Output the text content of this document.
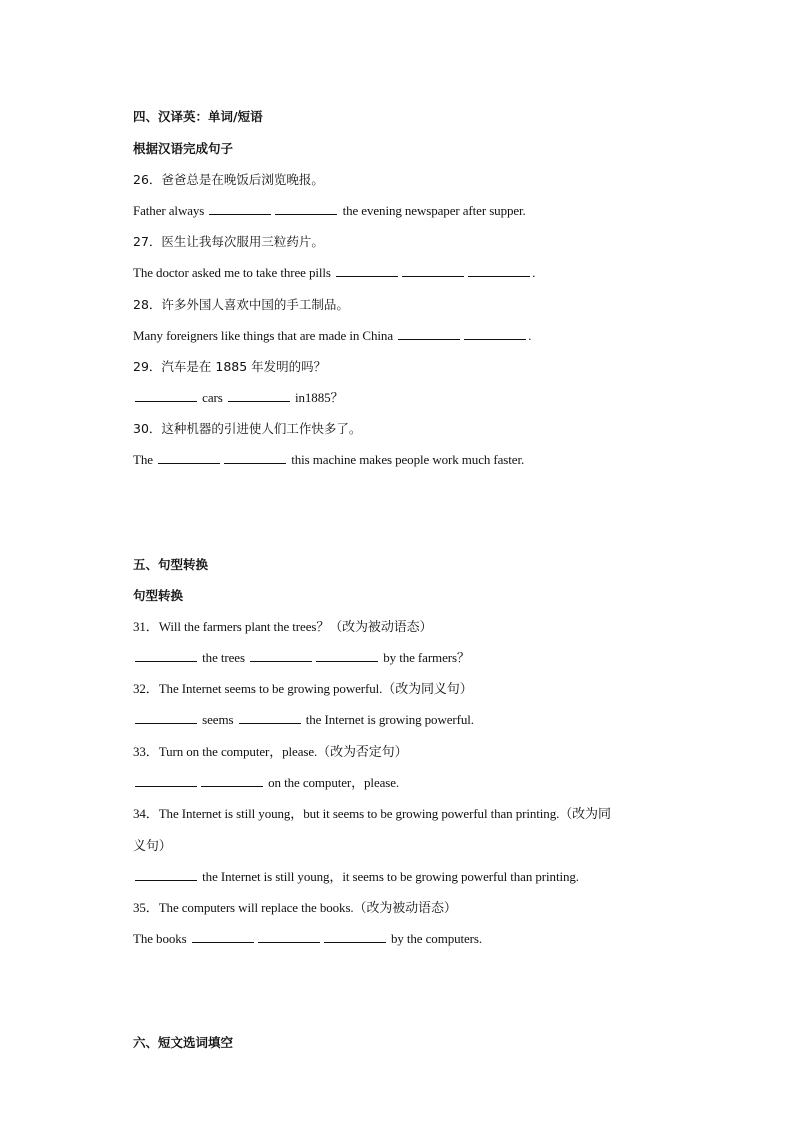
四、汉译英：单词/短语
根据汉语完成句子
26．爸爸总是在晚饭后浏览晚报。
Father always	the evening newspaper after supper.
27．医生让我每次服用三粒药片。
The doctor asked me to take three pills	.
28．许多外国人喜欢中国的手工制品。
Many foreigners like things that are made in China	.
29．汽车是在 1885 年发明的吗？
cars	in1885？
30．这种机器的引进使人们工作快多了。
The	this machine makes people work much faster.
五、句型转换
句型转换
31．Will the farmers plant the trees？（改为被动语态）
the trees	by the farmers？
32．The Internet seems to be growing powerful.（改为同义句）
seems	the Internet is growing powerful.
33．Turn on the computer，please.（改为否定句）
on the computer，please.
34．The Internet is still young，but it seems to be growing powerful than printing.（改为同
义句）
the Internet is still young，it seems to be growing powerful than printing.
35．The computers will replace the books.（改为被动语态）
The books	by the computers.
六、短文选词填空
